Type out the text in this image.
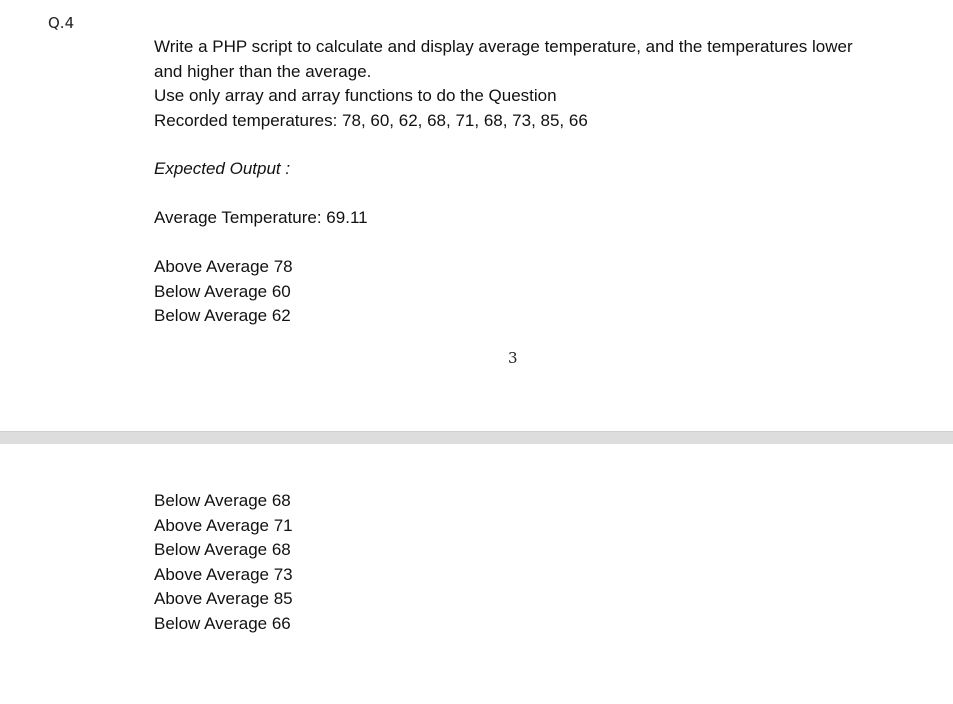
Q.4
Write a PHP script to calculate and display average temperature, and the temperatures lower
and higher than the average.
Use only array and array functions to do the Question
Recorded temperatures: 78, 60, 62, 68, 71, 68, 73, 85, 66
Expected Output :
Average Temperature: 69.11
Above Average 78
Below Average 60
Below Average 62
3
Below Average 68
Above Average 71
Below Average 68
Above Average 73
Above Average 85
Below Average 66
